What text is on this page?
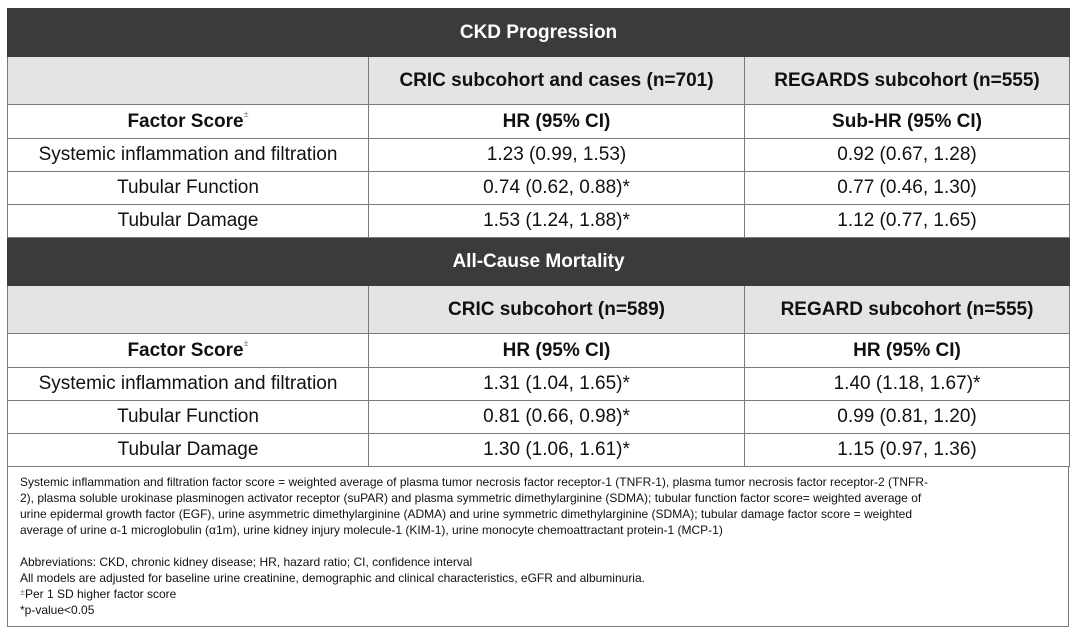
CKD Progression		
	CRIC subcohort and cases (n=701)	REGARDS subcohort (n=555)
Factor Score±	HR (95% CI)	Sub-HR (95% CI)
Systemic inflammation and filtration	1.23 (0.99, 1.53)	0.92 (0.67, 1.28)
Tubular Function	0.74 (0.62, 0.88)*	0.77 (0.46, 1.30)
Tubular Damage	1.53 (1.24, 1.88)*	1.12 (0.77, 1.65)
All-Cause Mortality		
	CRIC subcohort (n=589)	REGARD subcohort (n=555)
Factor Score±	HR (95% CI)	HR (95% CI)
Systemic inflammation and filtration	1.31 (1.04, 1.65)*	1.40 (1.18, 1.67)*
Tubular Function	0.81 (0.66, 0.98)*	0.99 (0.81, 1.20)
Tubular Damage	1.30 (1.06, 1.61)*	1.15 (0.97, 1.36)
Systemic inflammation and filtration factor score = weighted average of plasma tumor necrosis factor receptor-1 (TNFR-1), plasma tumor necrosis factor receptor-2 (TNFR-
2), plasma soluble urokinase plasminogen activator receptor (suPAR) and plasma symmetric dimethylarginine (SDMA); tubular function factor score= weighted average of
urine epidermal growth factor (EGF), urine asymmetric dimethylarginine (ADMA) and urine symmetric dimethylarginine (SDMA); tubular damage factor score = weighted
average of urine α-1 microglobulin (α1m), urine kidney injury molecule-1 (KIM-1), urine monocyte chemoattractant protein-1 (MCP-1)
Abbreviations: CKD, chronic kidney disease; HR, hazard ratio; CI, confidence interval
All models are adjusted for baseline urine creatinine, demographic and clinical characteristics, eGFR and albuminuria.
±Per 1 SD higher factor score
*p-value<0.05
